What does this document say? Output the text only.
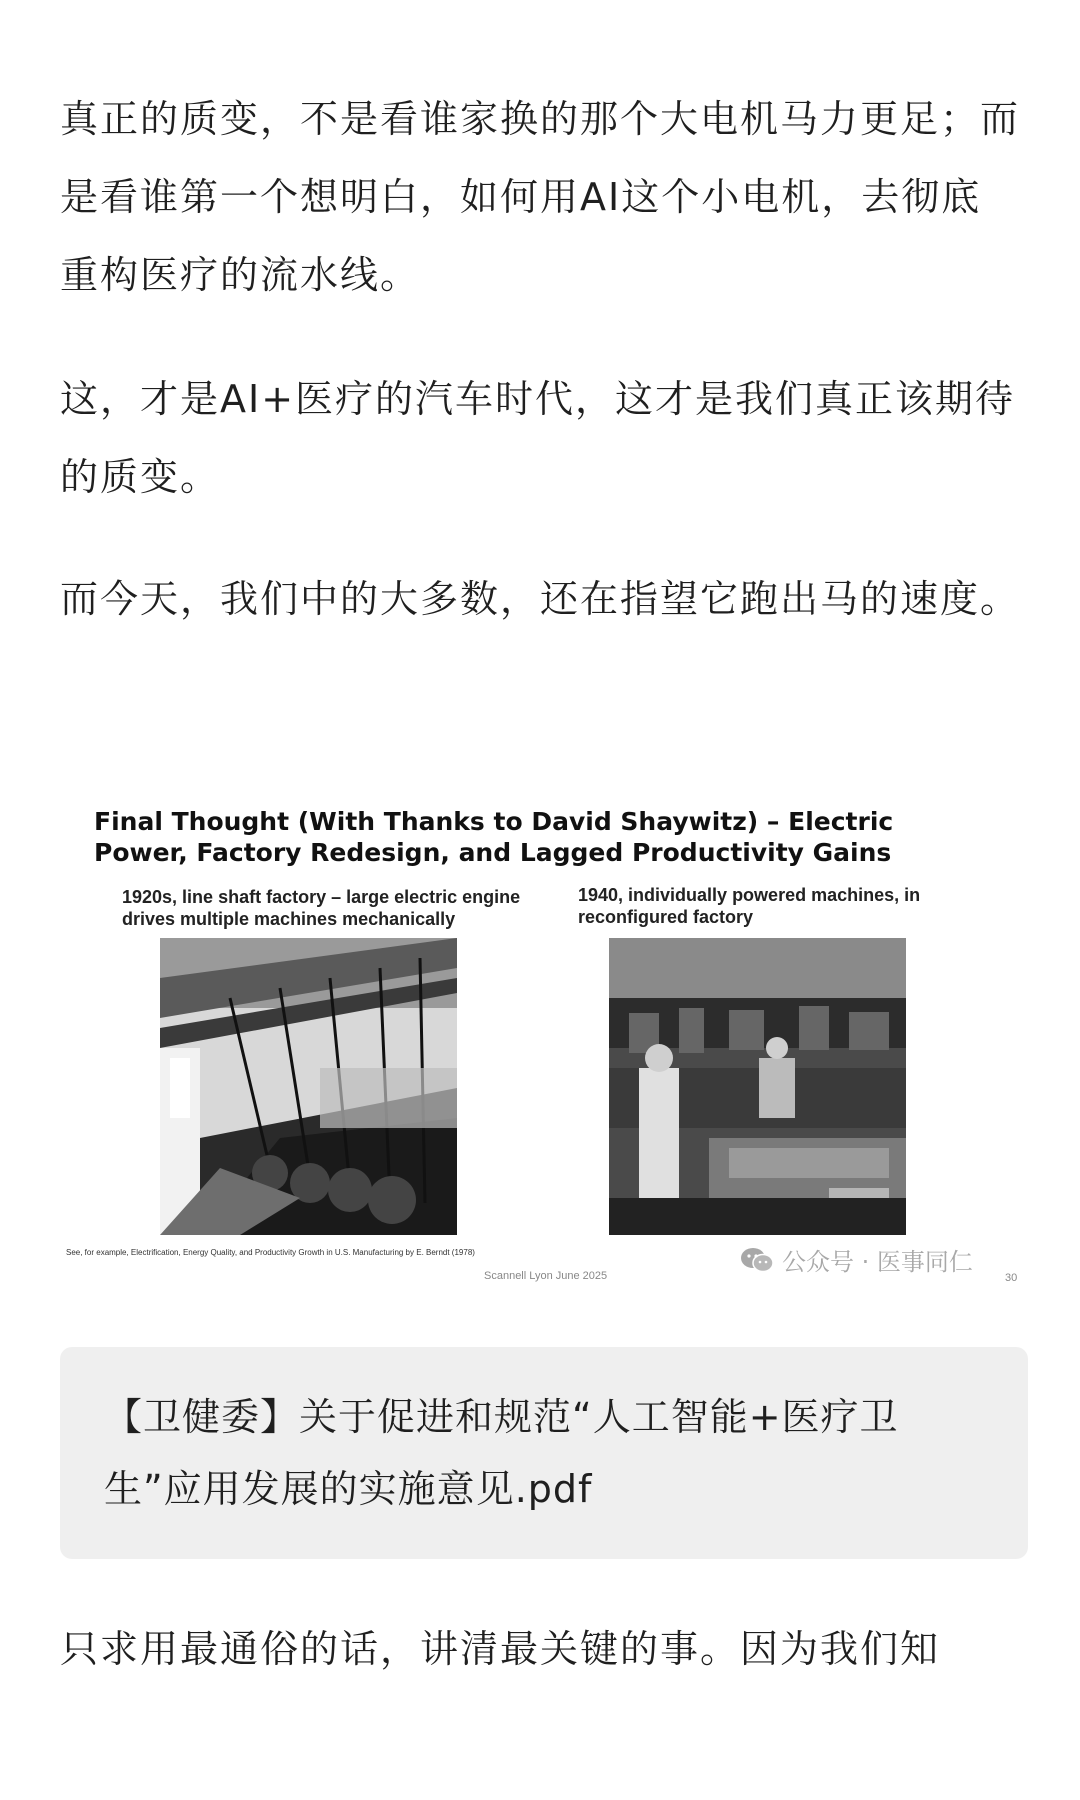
真正的质变，不是看谁家换的那个大电机马力更足；而是看谁第一个想明白，如何用AI这个小电机，去彻底重构医疗的流水线。

这，才是AI+医疗的汽车时代，这才是我们真正该期待的质变。

而今天，我们中的大多数，还在指望它跑出马的速度。

Final Thought (With Thanks to David Shaywitz) – Electric Power, Factory Redesign, and Lagged Productivity Gains
1920s, line shaft factory – large electric engine drives multiple machines mechanically
1940, individually powered machines, in reconfigured factory
See, for example, Electrification, Energy Quality, and Productivity Growth in U.S. Manufacturing by E. Berndt (1978)
Scannell Lyon June 2025	30
公众号 · 医事同仁
【卫健委】关于促进和规范“人工智能+医疗卫生”应用发展的实施意见.pdf

只求用最通俗的话，讲清最关键的事。因为我们知
